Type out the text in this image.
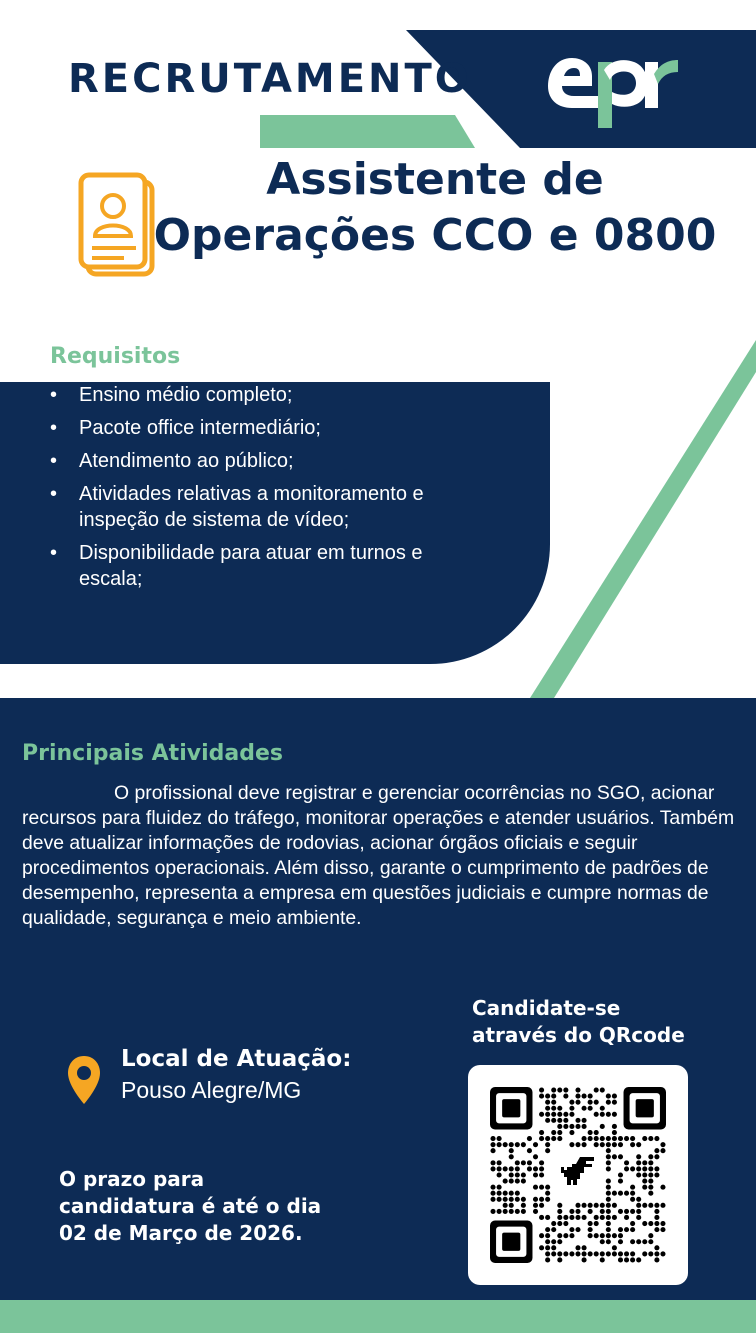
RECRUTAMENTO
Assistente de
Operações CCO e 0800
Requisitos
• Ensino médio completo;
• Pacote office intermediário;
• Atendimento ao público;
• Atividades relativas a monitoramento e inspeção de sistema de vídeo;
• Disponibilidade para atuar em turnos e escala;
Principais Atividades

O profissional deve registrar e gerenciar ocorrências no SGO, acionar recursos para fluidez do tráfego, monitorar operações e atender usuários. Também deve atualizar informações de rodovias, acionar órgãos oficiais e seguir procedimentos operacionais. Além disso, garante o cumprimento de padrões de desempenho, representa a empresa em questões judiciais e cumpre normas de qualidade, segurança e meio ambiente.

Candidate-se
através do QRcode
Local de Atuação:
Pouso Alegre/MG
O prazo para
candidatura é até o dia
02 de Março de 2026.
